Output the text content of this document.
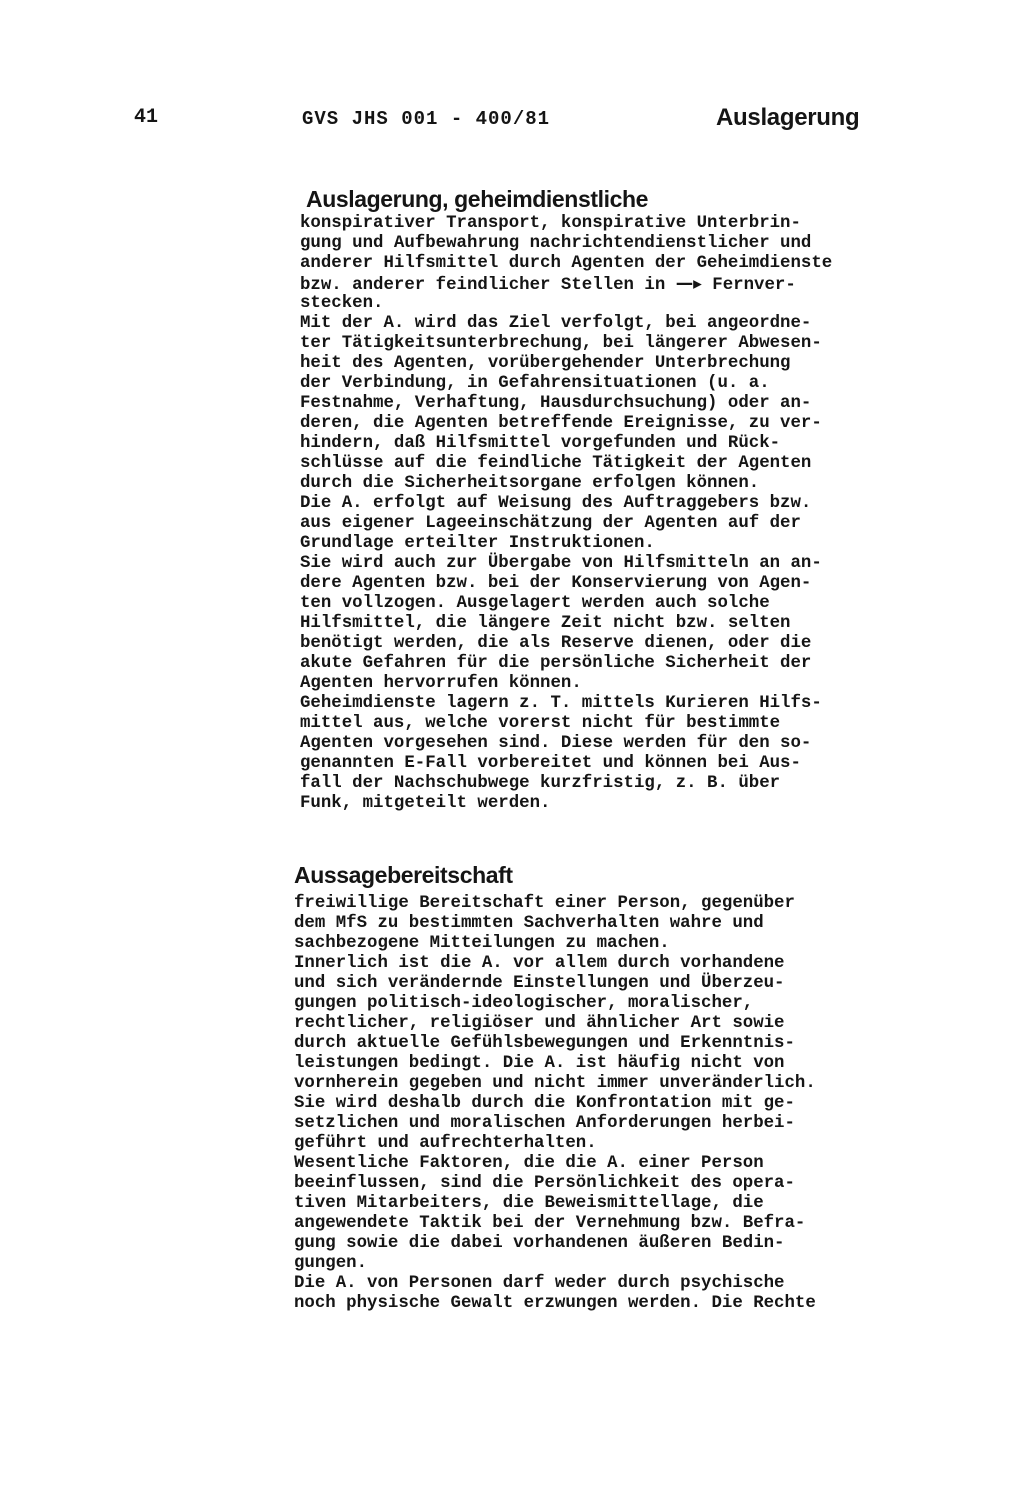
41	GVS JHS 001 - 400/81	Auslagerung
Auslagerung, geheimdienstliche
konspirativer Transport, konspirative Unterbrin-
gung und Aufbewahrung nachrichtendienstlicher und
anderer Hilfsmittel durch Agenten der Geheimdienste
bzw. anderer feindlicher Stellen in —▸ Fernver-
stecken.
Mit der A. wird das Ziel verfolgt, bei angeordne-
ter Tätigkeitsunterbrechung, bei längerer Abwesen-
heit des Agenten, vorübergehender Unterbrechung
der Verbindung, in Gefahrensituationen (u. a.
Festnahme, Verhaftung, Hausdurchsuchung) oder an-
deren, die Agenten betreffende Ereignisse, zu ver-
hindern, daß Hilfsmittel vorgefunden und Rück-
schlüsse auf die feindliche Tätigkeit der Agenten
durch die Sicherheitsorgane erfolgen können.
Die A. erfolgt auf Weisung des Auftraggebers bzw.
aus eigener Lageeinschätzung der Agenten auf der
Grundlage erteilter Instruktionen.
Sie wird auch zur Übergabe von Hilfsmitteln an an-
dere Agenten bzw. bei der Konservierung von Agen-
ten vollzogen. Ausgelagert werden auch solche
Hilfsmittel, die längere Zeit nicht bzw. selten
benötigt werden, die als Reserve dienen, oder die
akute Gefahren für die persönliche Sicherheit der
Agenten hervorrufen können.
Geheimdienste lagern z. T. mittels Kurieren Hilfs-
mittel aus, welche vorerst nicht für bestimmte
Agenten vorgesehen sind. Diese werden für den so-
genannten E-Fall vorbereitet und können bei Aus-
fall der Nachschubwege kurzfristig, z. B. über
Funk, mitgeteilt werden.
Aussagebereitschaft
freiwillige Bereitschaft einer Person, gegenüber
dem MfS zu bestimmten Sachverhalten wahre und
sachbezogene Mitteilungen zu machen.
Innerlich ist die A. vor allem durch vorhandene
und sich verändernde Einstellungen und Überzeu-
gungen politisch-ideologischer, moralischer,
rechtlicher, religiöser und ähnlicher Art sowie
durch aktuelle Gefühlsbewegungen und Erkenntnis-
leistungen bedingt. Die A. ist häufig nicht von
vornherein gegeben und nicht immer unveränderlich.
Sie wird deshalb durch die Konfrontation mit ge-
setzlichen und moralischen Anforderungen herbei-
geführt und aufrechterhalten.
Wesentliche Faktoren, die die A. einer Person
beeinflussen, sind die Persönlichkeit des opera-
tiven Mitarbeiters, die Beweismittellage, die
angewendete Taktik bei der Vernehmung bzw. Befra-
gung sowie die dabei vorhandenen äußeren Bedin-
gungen.
Die A. von Personen darf weder durch psychische
noch physische Gewalt erzwungen werden. Die Rechte
